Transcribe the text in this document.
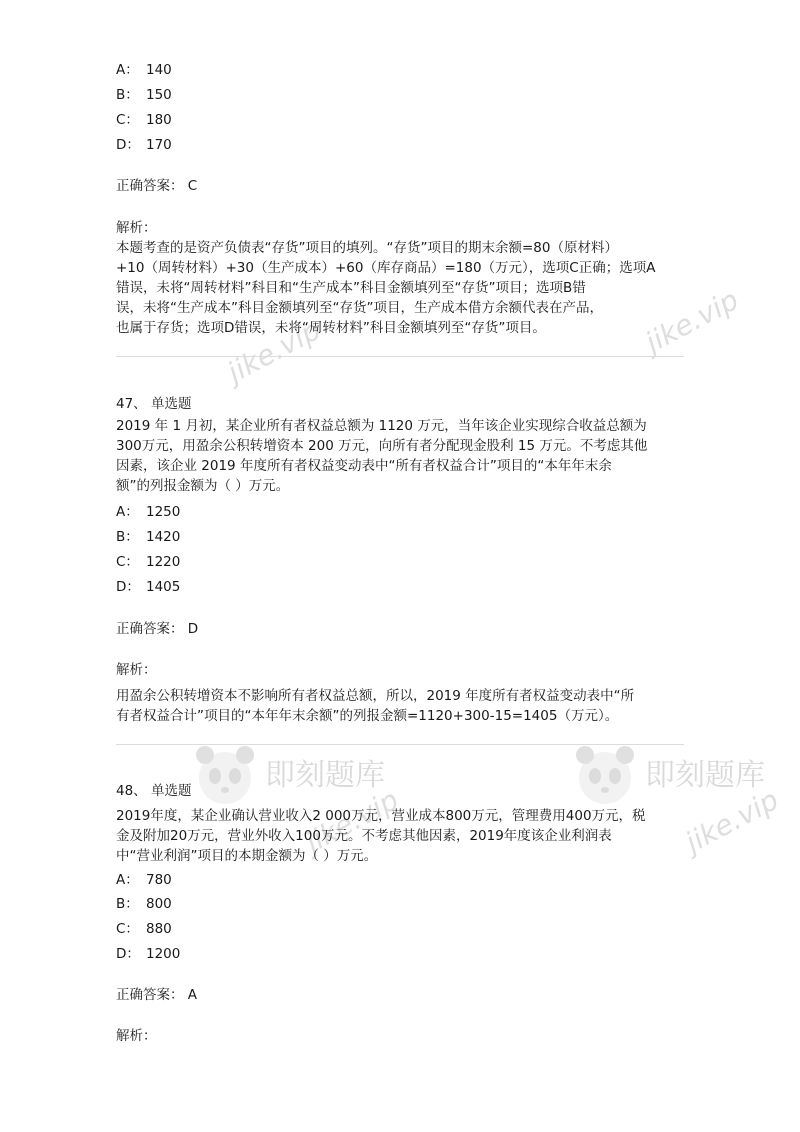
jike.vip	jike.vip
即刻题库
jike.vip
即刻题库
jike.vip
A： 140
B： 150
C： 180
D： 170
正确答案： C
解析：
本题考查的是资产负债表“存货”项目的填列。“存货”项目的期末余额=80（原材料）
+10（周转材料）+30（生产成本）+60（库存商品）=180（万元），选项C正确；选项A
错误，未将“周转材料”科目和“生产成本”科目金额填列至“存货”项目；选项B错
误，未将“生产成本”科目金额填列至“存货”项目，生产成本借方余额代表在产品，
也属于存货；选项D错误，未将“周转材料”科目金额填列至“存货”项目。
47、 单选题
2019 年 1 月初，某企业所有者权益总额为 1120 万元，当年该企业实现综合收益总额为
300万元，用盈余公积转增资本 200 万元，向所有者分配现金股利 15 万元。不考虑其他
因素，该企业 2019 年度所有者权益变动表中“所有者权益合计”项目的“本年年末余
额”的列报金额为（ ）万元。
A： 1250
B： 1420
C： 1220
D： 1405
正确答案： D
解析：
用盈余公积转增资本不影响所有者权益总额，所以，2019 年度所有者权益变动表中“所
有者权益合计”项目的“本年年末余额”的列报金额=1120+300-15=1405（万元）。
48、 单选题
2019年度，某企业确认营业收入2 000万元，营业成本800万元，管理费用400万元，税
金及附加20万元，营业外收入100万元。不考虑其他因素，2019年度该企业利润表
中“营业利润”项目的本期金额为（ ）万元。
A： 780
B： 800
C： 880
D： 1200
正确答案： A
解析：
